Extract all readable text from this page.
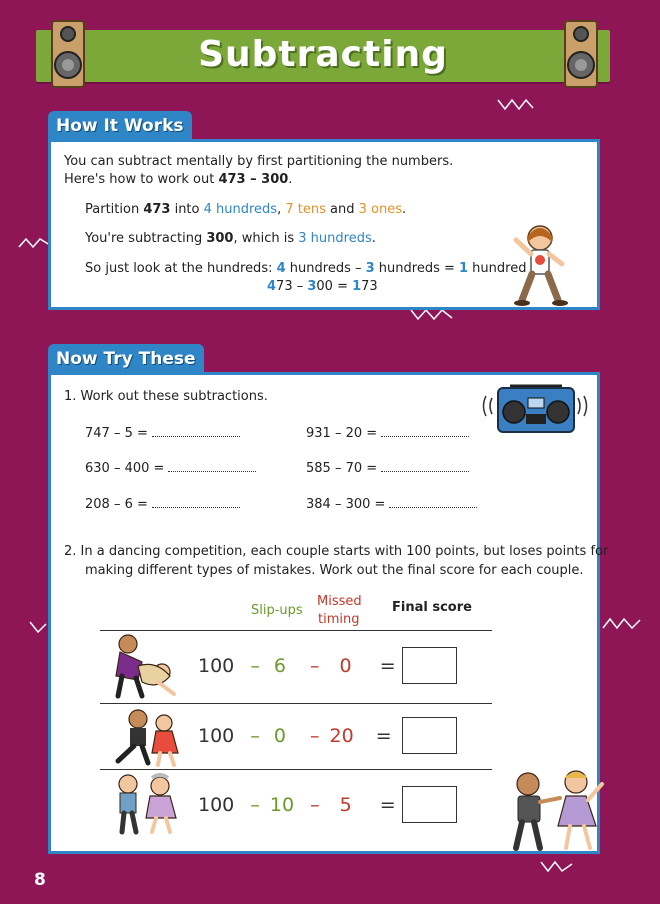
Subtracting
How It Works
You can subtract mentally by first partitioning the numbers.
Here's how to work out 473 – 300.
Partition 473 into 4 hundreds, 7 tens and 3 ones.
You're subtracting 300, which is 3 hundreds.
So just look at the hundreds: 4 hundreds – 3 hundreds = 1 hundred
473 – 300 = 173
Now Try These
1. Work out these subtractions.
747 – 5 =	931 – 20 =
630 – 400 =	585 – 70 =
208 – 6 =	384 – 300 =
2. In a dancing competition, each couple starts with 100 points, but loses points for
making different types of mistakes. Work out the final score for each couple.
Slip-ups
Missed
timing
Final score
100 – 6 – 0 =
100 – 0 – 20 =
100 – 10 – 5 =
8
